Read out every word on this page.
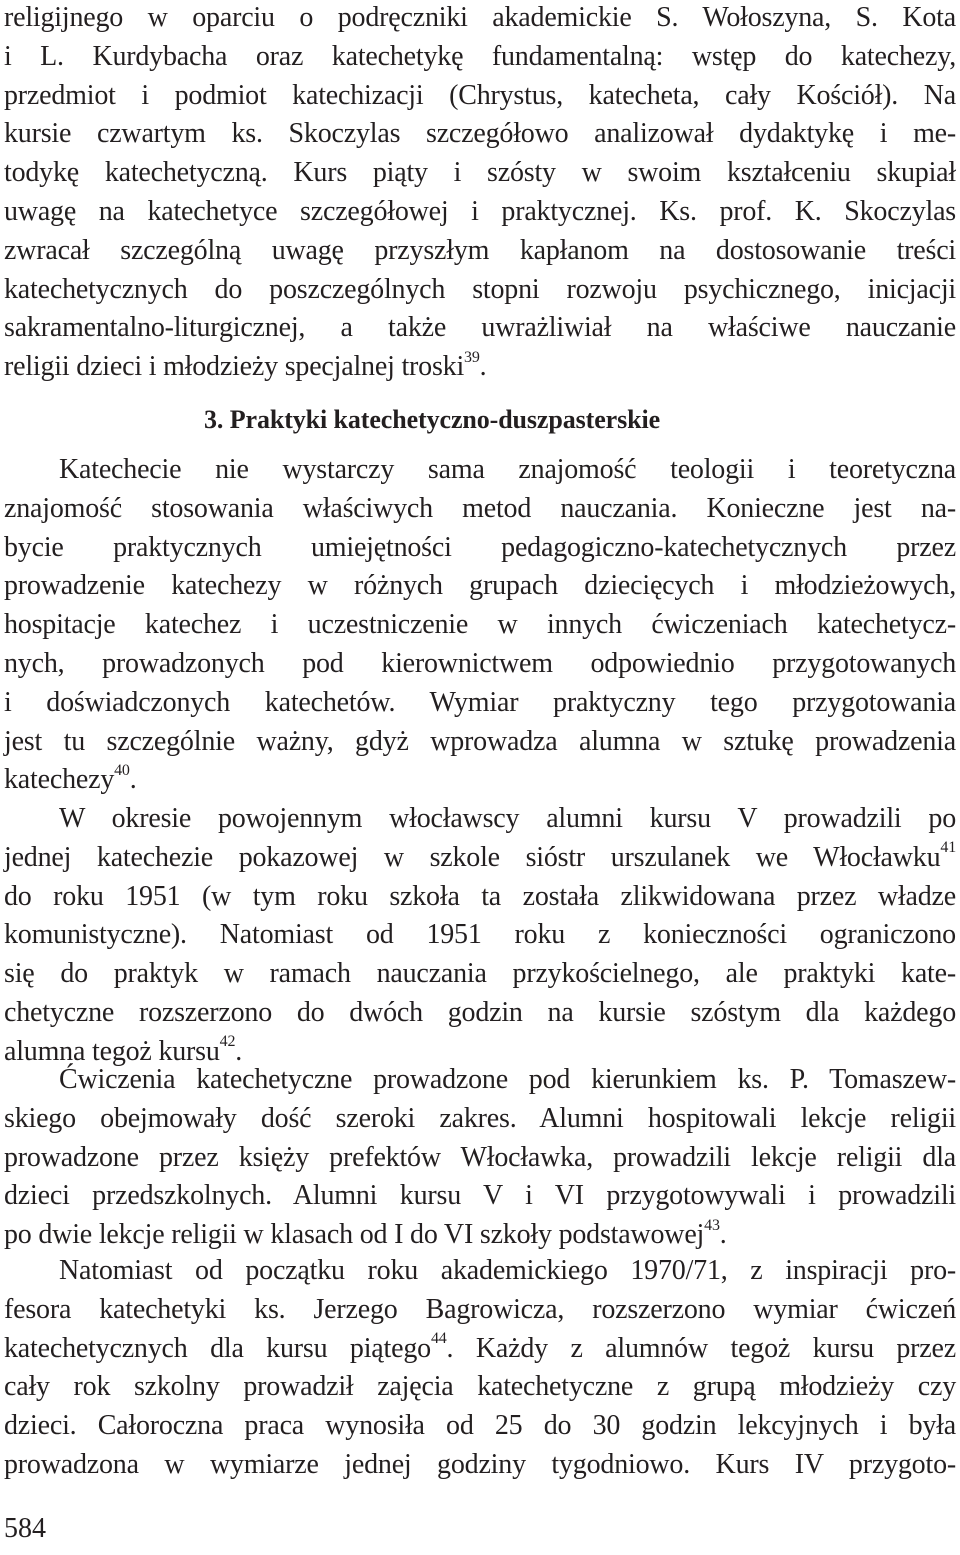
religijnego w oparciu o podręczniki akademickie S. Wołoszyna, S. Kota
i L. Kurdybacha oraz katechetykę fundamentalną: wstęp do katechezy,
przedmiot i podmiot katechizacji (Chrystus, katecheta, cały Kościół). Na
kursie czwartym ks. Skoczylas szczegółowo analizował dydaktykę i me-
todykę katechetyczną. Kurs piąty i szósty w swoim kształceniu skupiał
uwagę na katechetyce szczegółowej i praktycznej. Ks. prof. K. Skoczylas
zwracał szczególną uwagę przyszłym kapłanom na dostosowanie treści
katechetycznych do poszczególnych stopni rozwoju psychicznego, inicjacji
sakramentalno-liturgicznej, a także uwrażliwiał na właściwe nauczanie
religii dzieci i młodzieży specjalnej troski$^{39}$.
3. Praktyki katechetyczno-duszpasterskie
Katechecie nie wystarczy sama znajomość teologii i teoretyczna
znajomość stosowania właściwych metod nauczania. Konieczne jest na-
bycie praktycznych umiejętności pedagogiczno-katechetycznych przez
prowadzenie katechezy w różnych grupach dziecięcych i młodzieżowych,
hospitacje katechez i uczestniczenie w innych ćwiczeniach katechetycz-
nych, prowadzonych pod kierownictwem odpowiednio przygotowanych
i doświadczonych katechetów. Wymiar praktyczny tego przygotowania
jest tu szczególnie ważny, gdyż wprowadza alumna w sztukę prowadzenia
katechezy$^{40}$.
W okresie powojennym włocławscy alumni kursu V prowadzili po
jednej katechezie pokazowej w szkole sióstr urszulanek we Włocławku$^{41}$
do roku 1951 (w tym roku szkoła ta została zlikwidowana przez władze
komunistyczne). Natomiast od 1951 roku z konieczności ograniczono
się do praktyk w ramach nauczania przykościelnego, ale praktyki kate-
chetyczne rozszerzono do dwóch godzin na kursie szóstym dla każdego
alumna tegoż kursu$^{42}$.
Ćwiczenia katechetyczne prowadzone pod kierunkiem ks. P. Tomaszew-
skiego obejmowały dość szeroki zakres. Alumni hospitowali lekcje religii
prowadzone przez księży prefektów Włocławka, prowadzili lekcje religii dla
dzieci przedszkolnych. Alumni kursu V i VI przygotowywali i prowadzili
po dwie lekcje religii w klasach od I do VI szkoły podstawowej$^{43}$.
Natomiast od początku roku akademickiego 1970/71, z inspiracji pro-
fesora katechetyki ks. Jerzego Bagrowicza, rozszerzono wymiar ćwiczeń
katechetycznych dla kursu piątego$^{44}$. Każdy z alumnów tegoż kursu przez
cały rok szkolny prowadził zajęcia katechetyczne z grupą młodzieży czy
dzieci. Całoroczna praca wynosiła od 25 do 30 godzin lekcyjnych i była
prowadzona w wymiarze jednej godziny tygodniowo. Kurs IV przygoto-
584
